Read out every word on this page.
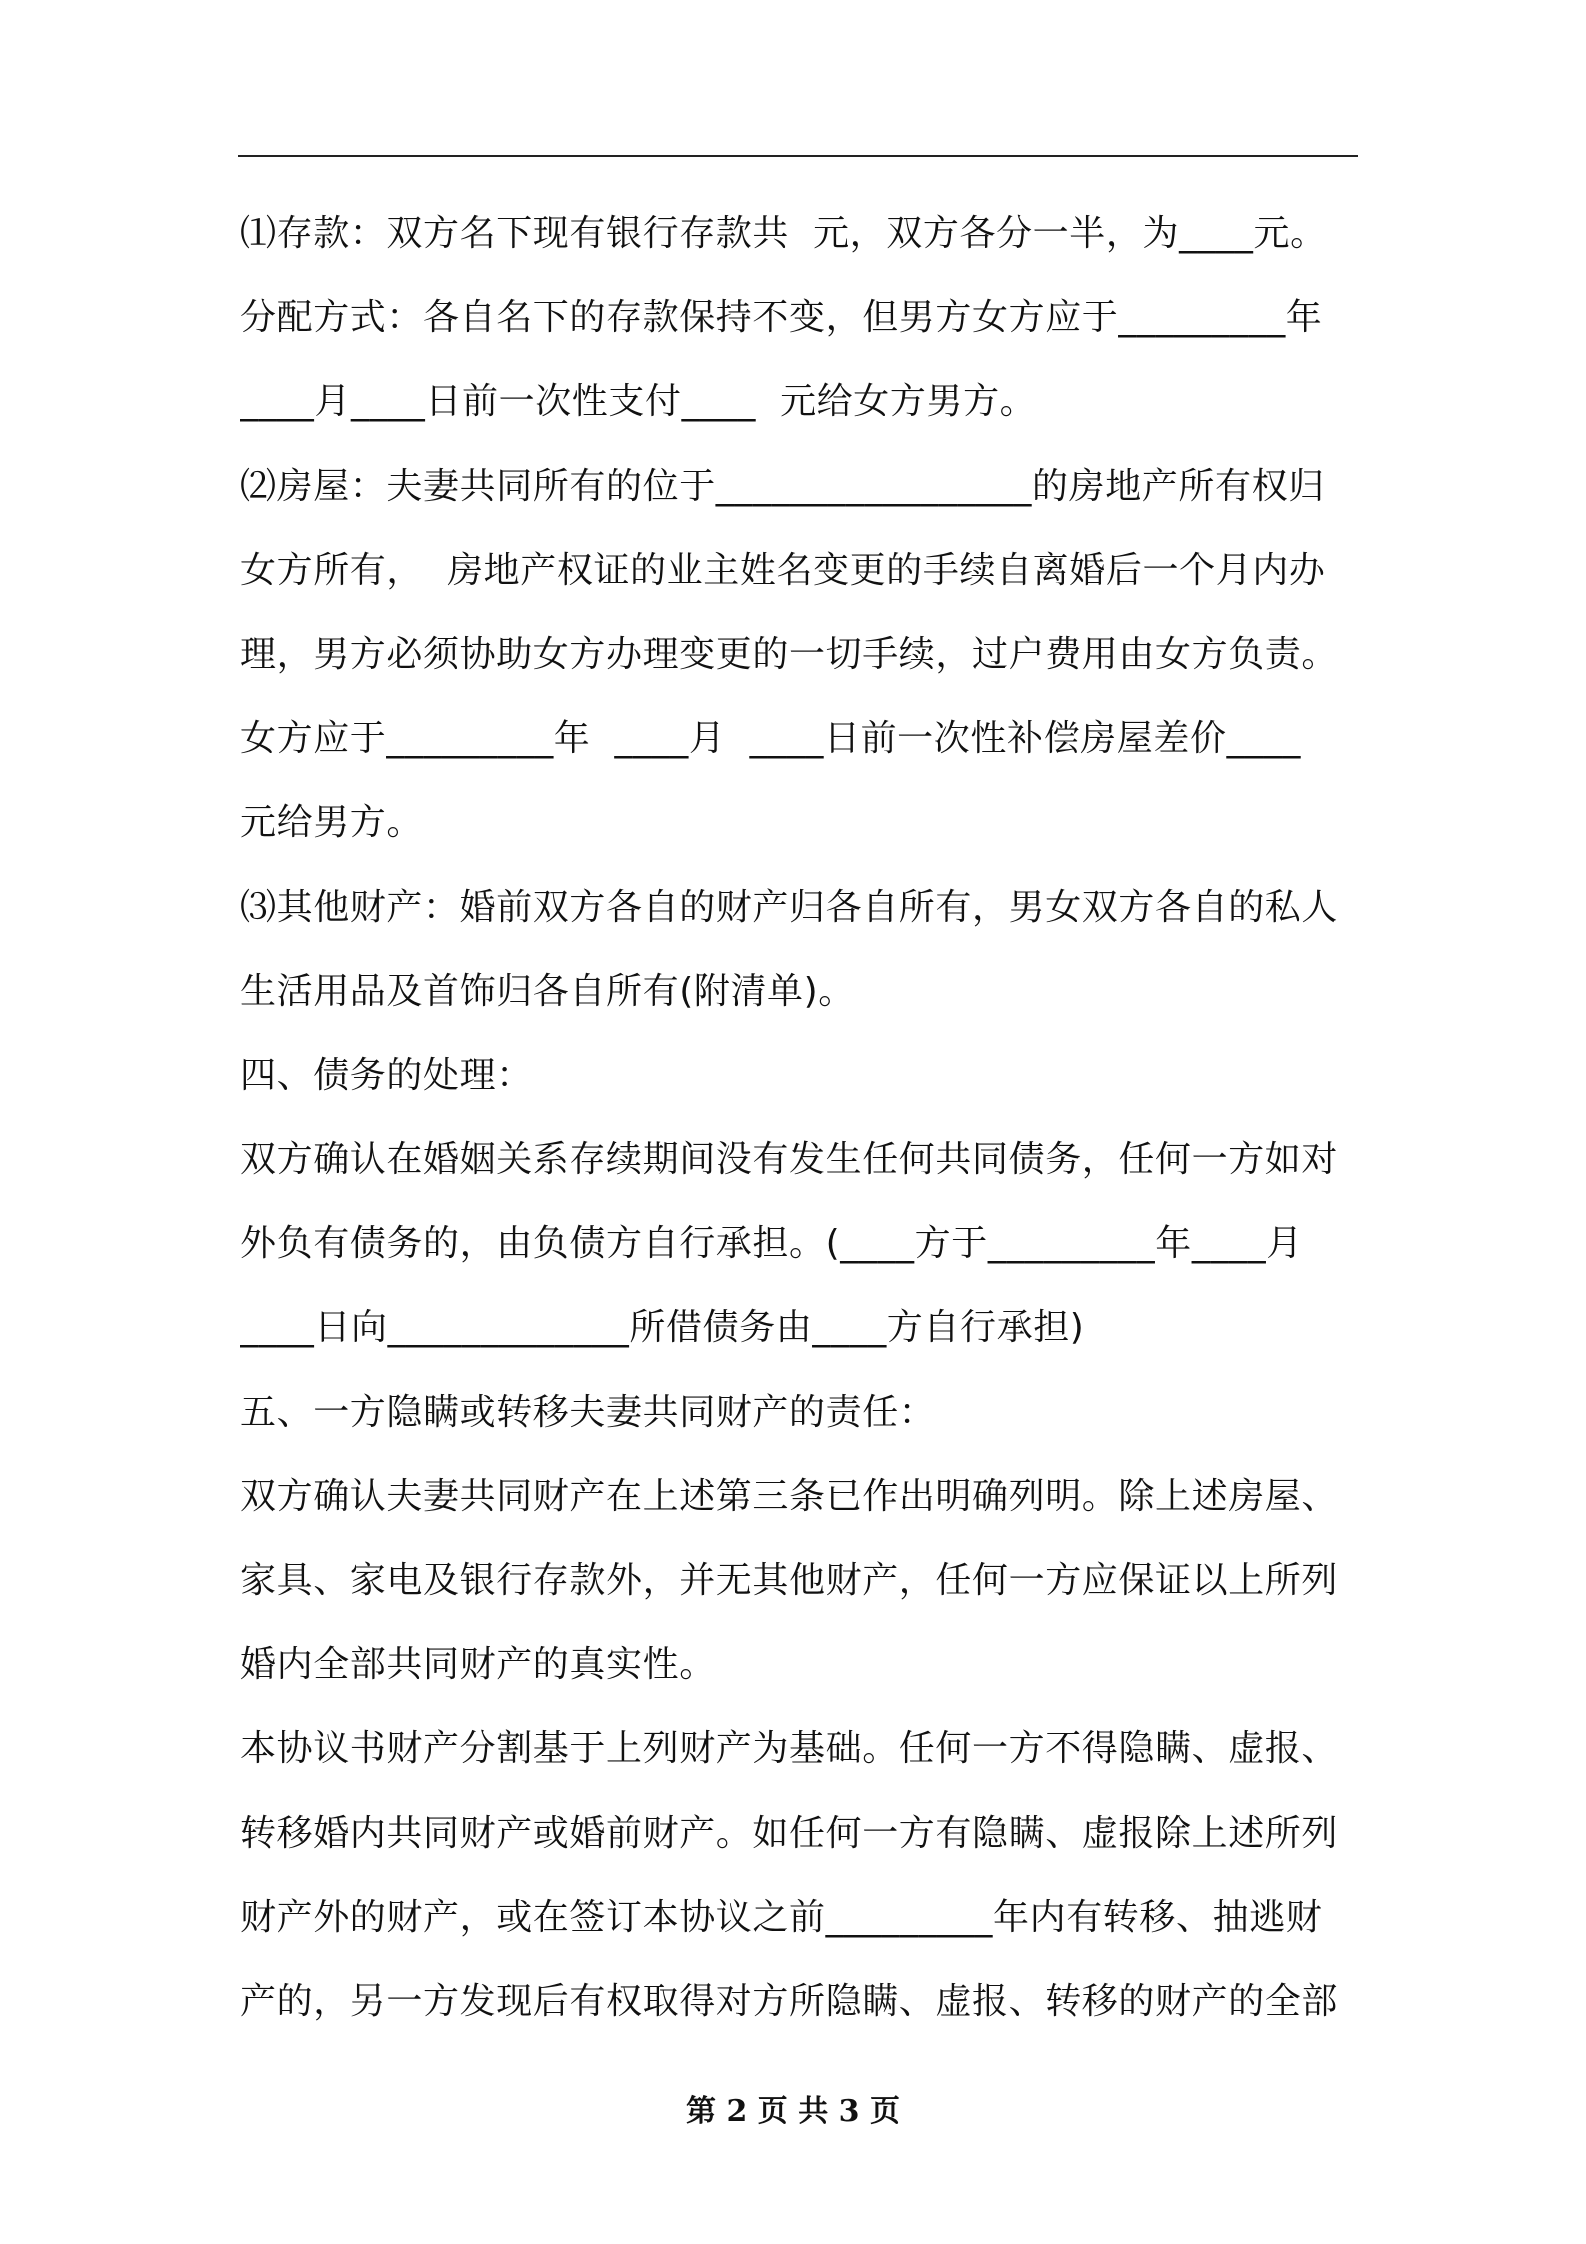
⑴存款：双方名下现有银行存款共  元，双方各分一半，为____元。
分配方式：各自名下的存款保持不变，但男方女方应于_________年
____月____日前一次性支付____  元给女方男方。
⑵房屋：夫妻共同所有的位于_________________的房地产所有权归
女方所有，  房地产权证的业主姓名变更的手续自离婚后一个月内办
理，男方必须协助女方办理变更的一切手续，过户费用由女方负责。
女方应于_________年  ____月  ____日前一次性补偿房屋差价____
元给男方。
⑶其他财产：婚前双方各自的财产归各自所有，男女双方各自的私人
生活用品及首饰归各自所有(附清单)。
四、债务的处理：
双方确认在婚姻关系存续期间没有发生任何共同债务，任何一方如对
外负有债务的，由负债方自行承担。(____方于_________年____月
____日向_____________所借债务由____方自行承担)
五、一方隐瞒或转移夫妻共同财产的责任：
双方确认夫妻共同财产在上述第三条已作出明确列明。除上述房屋、
家具、家电及银行存款外，并无其他财产，任何一方应保证以上所列
婚内全部共同财产的真实性。
本协议书财产分割基于上列财产为基础。任何一方不得隐瞒、虚报、
转移婚内共同财产或婚前财产。如任何一方有隐瞒、虚报除上述所列
财产外的财产，或在签订本协议之前_________年内有转移、抽逃财
产的，另一方发现后有权取得对方所隐瞒、虚报、转移的财产的全部
第 2 页 共 3 页
